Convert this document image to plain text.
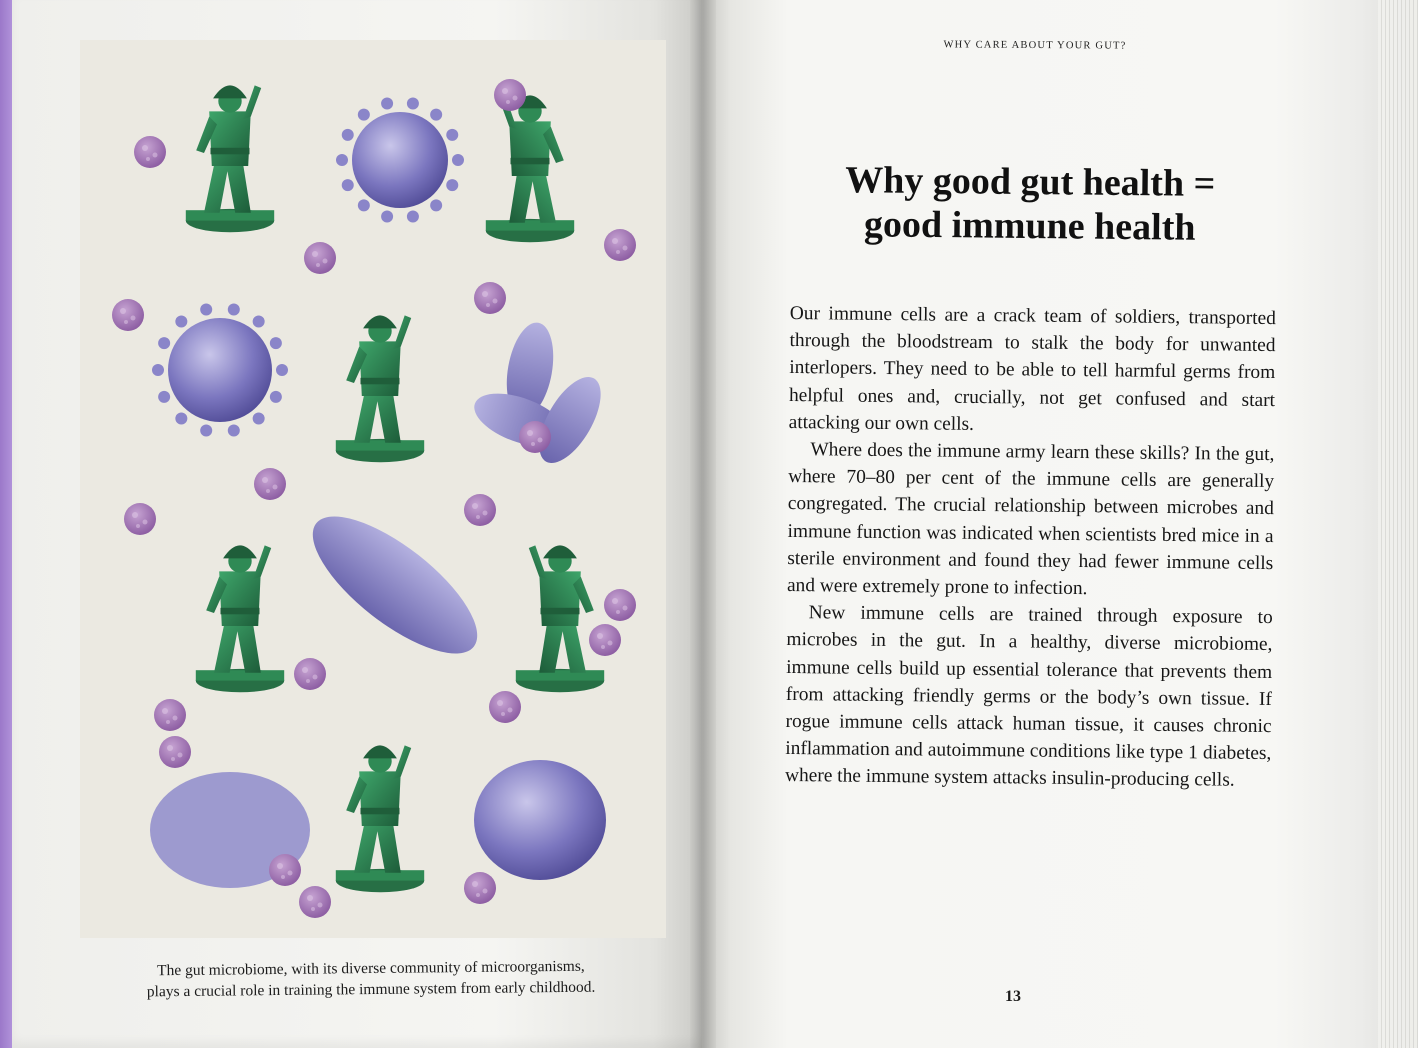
The gut microbiome, with its diverse community of microorganisms,
plays a crucial role in training the immune system from early childhood.
WHY CARE ABOUT YOUR GUT?
Why good gut health =
good immune health

Our immune cells are a crack team of soldiers, transported through the bloodstream to stalk the body for unwanted interlopers. They need to be able to tell harmful germs from helpful ones and, crucially, not get confused and start attacking our own cells.

Where does the immune army learn these skills? In the gut, where 70–80 per cent of the immune cells are generally congregated. The crucial relationship between microbes and immune function was indicated when scientists bred mice in a sterile environment and found they had fewer immune cells and were extremely prone to infection.

New immune cells are trained through exposure to microbes in the gut. In a healthy, diverse microbiome, immune cells build up essential tolerance that prevents them from attacking friendly germs or the body’s own tissue. If rogue immune cells attack human tissue, it causes chronic inflammation and autoimmune conditions like type 1 diabetes, where the immune system attacks insulin-producing cells.

13
